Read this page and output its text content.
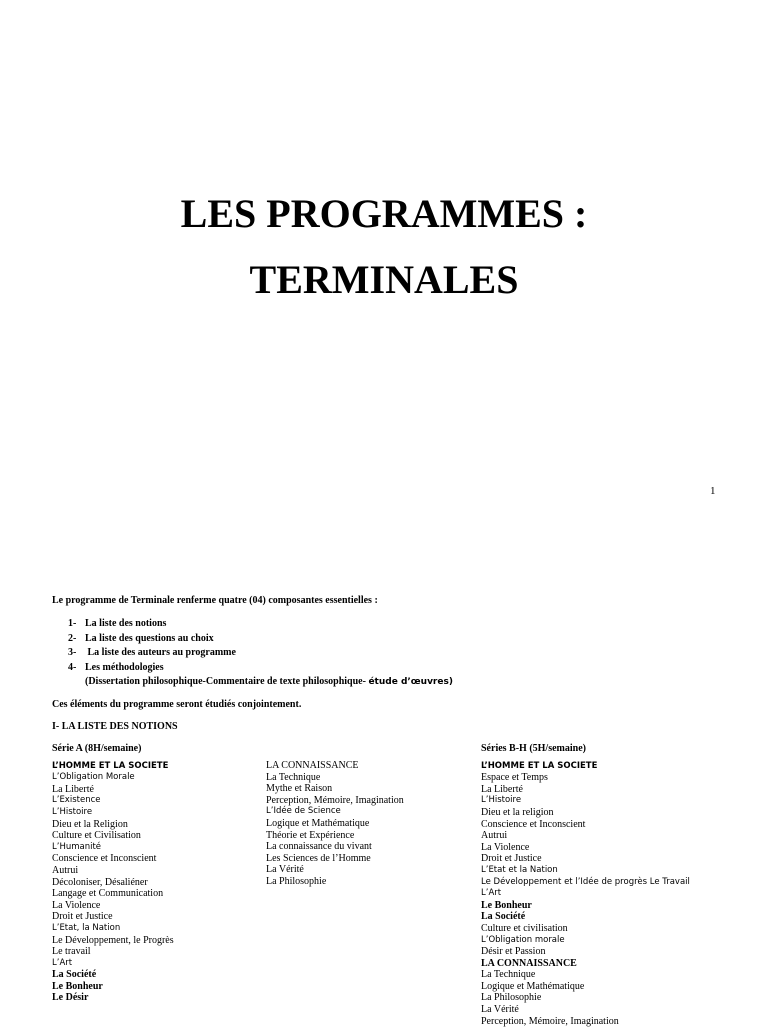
LES PROGRAMMES :
TERMINALES
1
Le programme de Terminale renferme quatre (04) composantes essentielles :
1- La liste des notions
2- La liste des questions au choix
3- La liste des auteurs au programme
4- Les méthodologies
(Dissertation philosophique-Commentaire de texte philosophique- étude d’œuvres)
Ces éléments du programme seront étudiés conjointement.
I- LA LISTE DES NOTIONS
Série A (8H/semaine)
L’HOMME ET LA SOCIETE
L’Obligation Morale
La Liberté
L’Existence
L’Histoire
Dieu et la Religion
Culture et Civilisation
L’Humanité
Conscience et Inconscient
Autrui
Décoloniser, Désaliéner
Langage et Communication
La Violence
Droit et Justice
L’Etat, la Nation
Le Développement, le Progrès
Le travail
L’Art
La Société
Le Bonheur
Le Désir
LA CONNAISSANCE
La Technique
Mythe et Raison
Perception, Mémoire, Imagination
L’Idée de Science
Logique et Mathématique
Théorie et Expérience
La connaissance du vivant
Les Sciences de l’Homme
La Vérité
La Philosophie
Séries B-H (5H/semaine)
L’HOMME ET LA SOCIETE
Espace et Temps
La Liberté
L’Histoire
Dieu et la religion
Conscience et Inconscient
Autrui
La Violence
Droit et Justice
L’Etat et la Nation
Le Développement et l’Idée de progrès Le Travail
L’Art
Le Bonheur
La Société
Culture et civilisation
L’Obligation morale
Désir et Passion
LA CONNAISSANCE
La Technique
Logique et Mathématique
La Philosophie
La Vérité
Perception, Mémoire, Imagination
